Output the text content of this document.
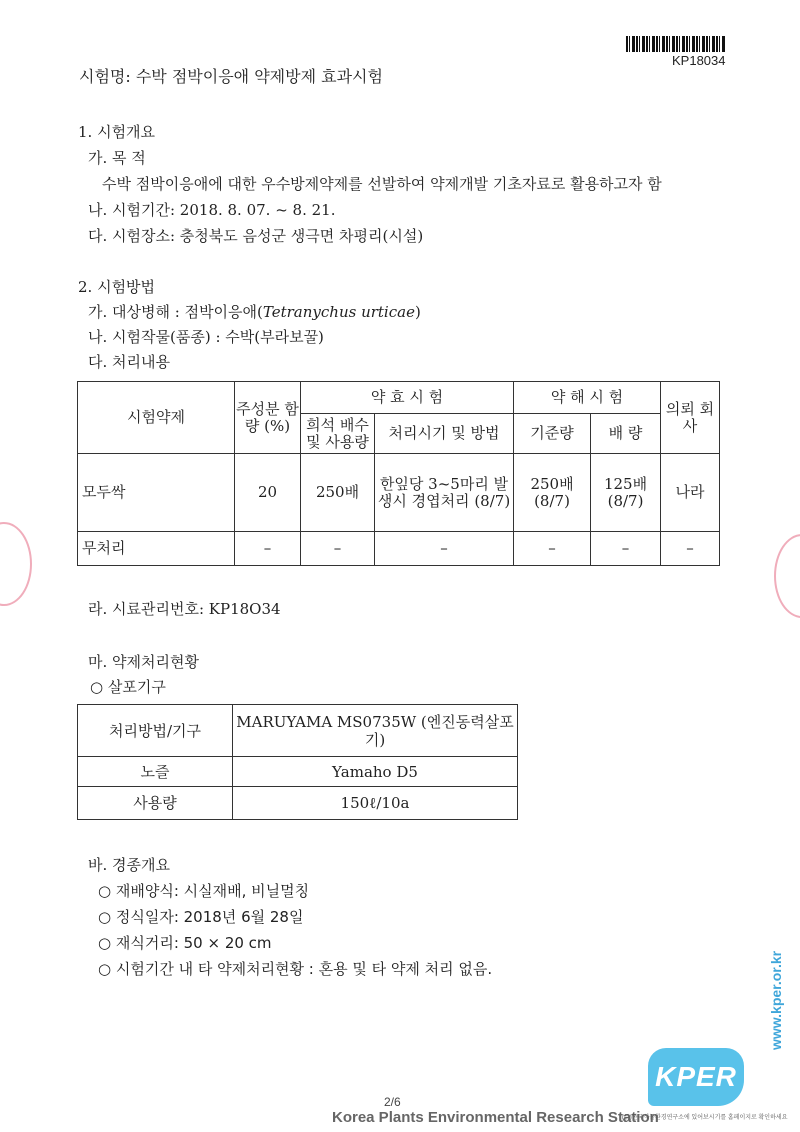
KP18034
시험명: 수박 점박이응애 약제방제 효과시험
1. 시험개요
가. 목 적
수박 점박이응애에 대한 우수방제약제를 선발하여 약제개발 기초자료로 활용하고자 함
나. 시험기간: 2018. 8. 07. ~ 8. 21.
다. 시험장소: 충청북도 음성군 생극면 차평리(시설)
2. 시험방법
가. 대상병해 : 점박이응애(Tetranychus urticae)
나. 시험작물(품종) : 수박(부라보꿀)
다. 처리내용
시험약제	주성분 함량 (%)	약 효 시 험		약 해 시 험		의뢰 회사
		희석 배수 및 사용량	처리시기 및 방법	기준량	배 량	
모두싹	20	250배	한잎당 3~5마리 발생시 경엽처리 (8/7)	250배 (8/7)	125배 (8/7)	나라
무처리	–	–	–	–	–	–
라. 시료관리번호: KP18O34
마. 약제처리현황
○ 살포기구
처리방법/기구	MARUYAMA MS0735W (엔진동력살포기)
노즐	Yamaho D5
사용량	150ℓ/10a
바. 경종개요
○ 재배양식: 시실재배, 비닐멀칭
○ 정식일자: 2018년 6월 28일
○ 재식거리: 50 × 20 cm
○ 시험기간 내 타 약제처리현황 : 혼용 및 타 약제 처리 없음.
2/6
Korea Plants Environmental Research Station
KPER
(주)한국식물환경연구소에 있어보시기를 홈페이지로 확인하세요
www.kper.or.kr
